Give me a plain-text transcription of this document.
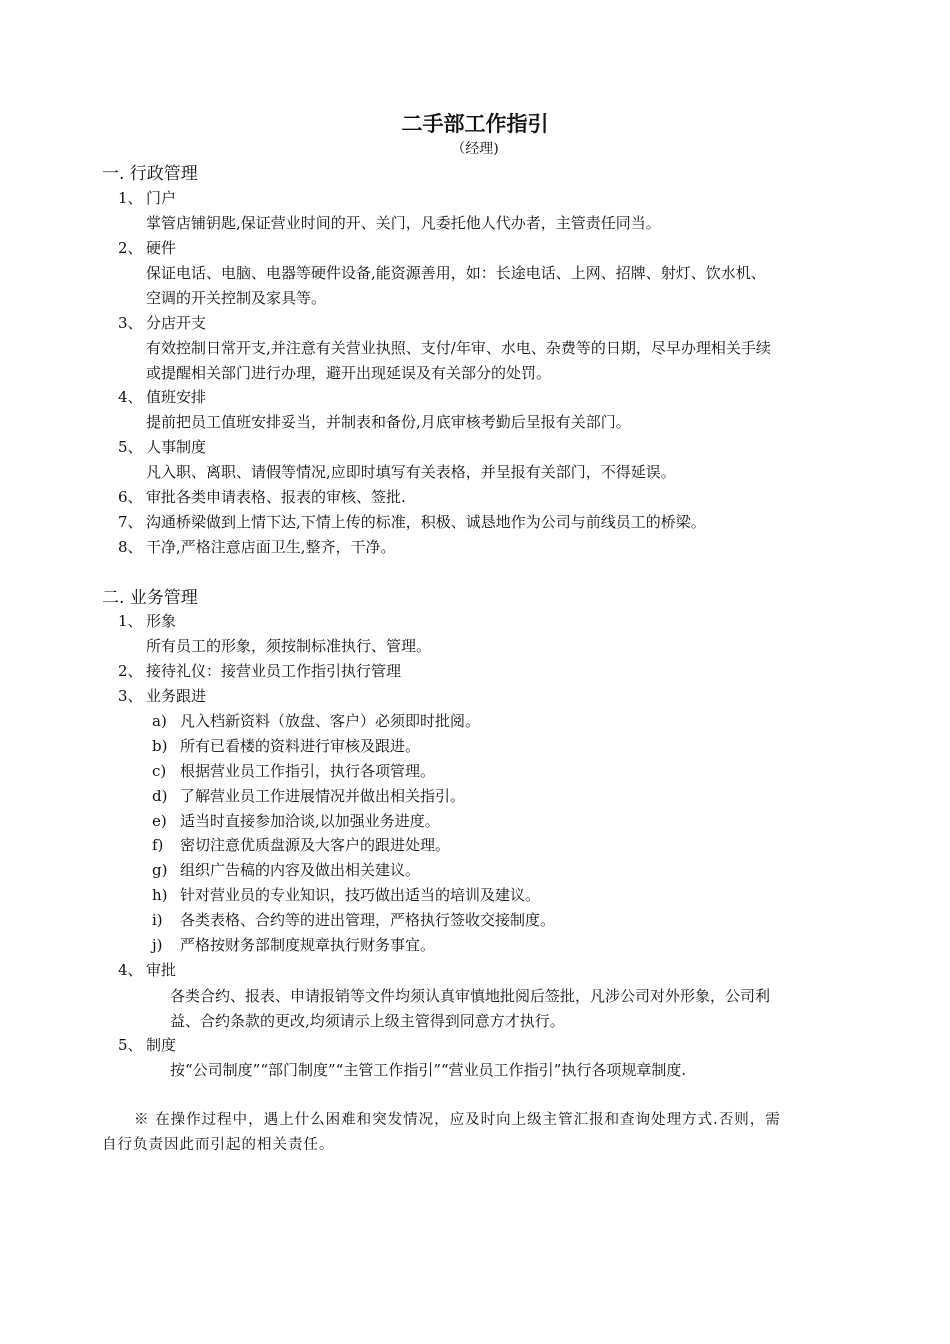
二手部工作指引
（经理)
一. 行政管理
1、 门户
掌管店铺钥匙,保证营业时间的开、关门，凡委托他人代办者，主管责任同当。
2、 硬件
保证电话、电脑、电器等硬件设备,能资源善用，如：长途电话、上网、招牌、射灯、饮水机、
空调的开关控制及家具等。
3、 分店开支
有效控制日常开支,并注意有关营业执照、支付/年审、水电、杂费等的日期，尽早办理相关手续
或提醒相关部门进行办理，避开出现延误及有关部分的处罚。
4、 值班安排
提前把员工值班安排妥当，并制表和备份,月底审核考勤后呈报有关部门。
5、 人事制度
凡入职、离职、请假等情况,应即时填写有关表格，并呈报有关部门，不得延误。
6、 审批各类申请表格、报表的审核、签批.
7、 沟通桥梁做到上情下达,下情上传的标准，积极、诚恳地作为公司与前线员工的桥梁。
8、 干净,严格注意店面卫生,整齐，干净。
二. 业务管理
1、 形象
所有员工的形象，须按制标准执行、管理。
2、 接待礼仪：接营业员工作指引执行管理
3、 业务跟进
a) 凡入档新资料（放盘、客户）必须即时批阅。
b) 所有已看楼的资料进行审核及跟进。
c) 根据营业员工作指引，执行各项管理。
d) 了解营业员工作进展情况并做出相关指引。
e) 适当时直接参加洽谈,以加强业务进度。
f) 密切注意优质盘源及大客户的跟进处理。
g) 组织广告稿的内容及做出相关建议。
h) 针对营业员的专业知识，技巧做出适当的培训及建议。
i) 各类表格、合约等的进出管理，严格执行签收交接制度。
j) 严格按财务部制度规章执行财务事宜。
4、 审批
各类合约、报表、申请报销等文件均须认真审慎地批阅后签批，凡涉公司对外形象，公司利
益、合约条款的更改,均须请示上级主管得到同意方才执行。
5、 制度
按“公司制度”“部门制度”“主管工作指引”“营业员工作指引”执行各项规章制度.
※ 在操作过程中，遇上什么困难和突发情况，应及时向上级主管汇报和查询处理方式.否则，需
自行负责因此而引起的相关责任。
